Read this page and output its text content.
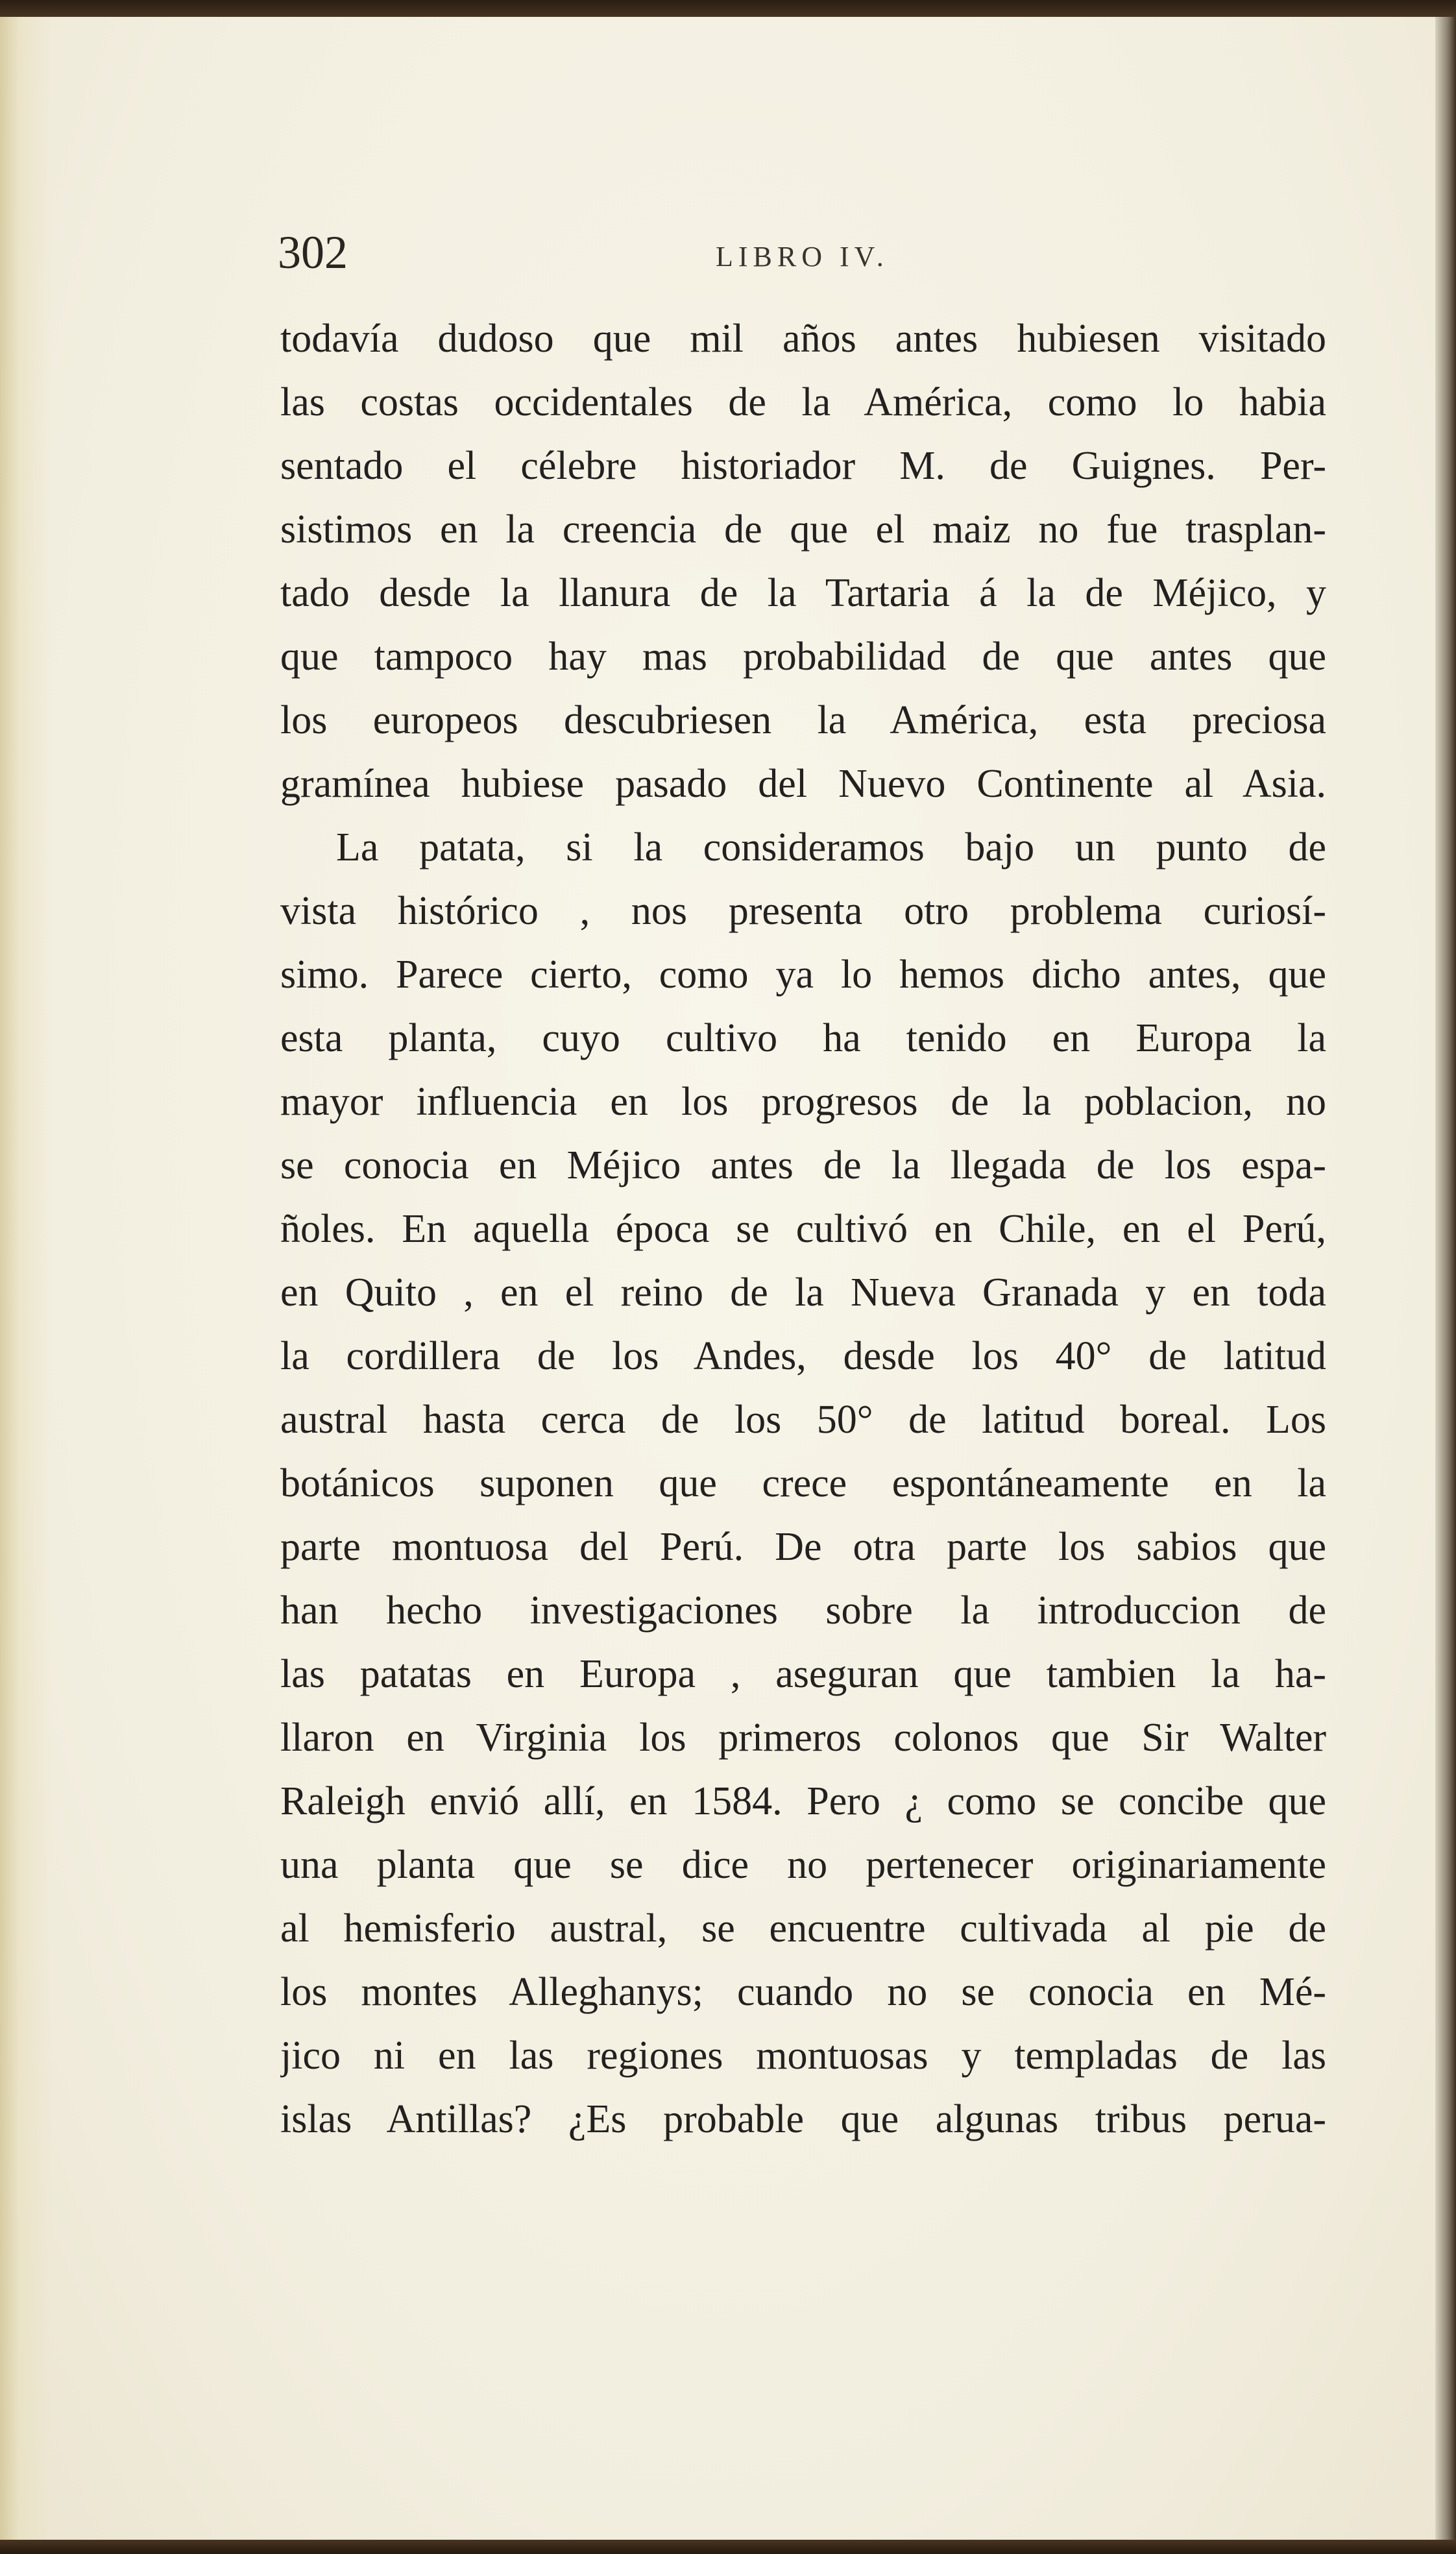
302	LIBRO IV.
todavía dudoso que mil años antes hubiesen visitado
las costas occidentales de la América, como lo habia
sentado el célebre historiador M. de Guignes. Per-
sistimos en la creencia de que el maiz no fue trasplan-
tado desde la llanura de la Tartaria á la de Méjico, y
que tampoco hay mas probabilidad de que antes que
los europeos descubriesen la América, esta preciosa
gramínea hubiese pasado del Nuevo Continente al Asia.
La patata, si la consideramos bajo un punto de
vista histórico , nos presenta otro problema curiosí-
simo. Parece cierto, como ya lo hemos dicho antes, que
esta planta, cuyo cultivo ha tenido en Europa la
mayor influencia en los progresos de la poblacion, no
se conocia en Méjico antes de la llegada de los espa-
ñoles. En aquella época se cultivó en Chile, en el Perú,
en Quito , en el reino de la Nueva Granada y en toda
la cordillera de los Andes, desde los 40° de latitud
austral hasta cerca de los 50° de latitud boreal. Los
botánicos suponen que crece espontáneamente en la
parte montuosa del Perú. De otra parte los sabios que
han hecho investigaciones sobre la introduccion de
las patatas en Europa , aseguran que tambien la ha-
llaron en Virginia los primeros colonos que Sir Walter
Raleigh envió allí, en 1584. Pero ¿ como se concibe que
una planta que se dice no pertenecer originariamente
al hemisferio austral, se encuentre cultivada al pie de
los montes Alleghanys; cuando no se conocia en Mé-
jico ni en las regiones montuosas y templadas de las
islas Antillas? ¿Es probable que algunas tribus perua-
